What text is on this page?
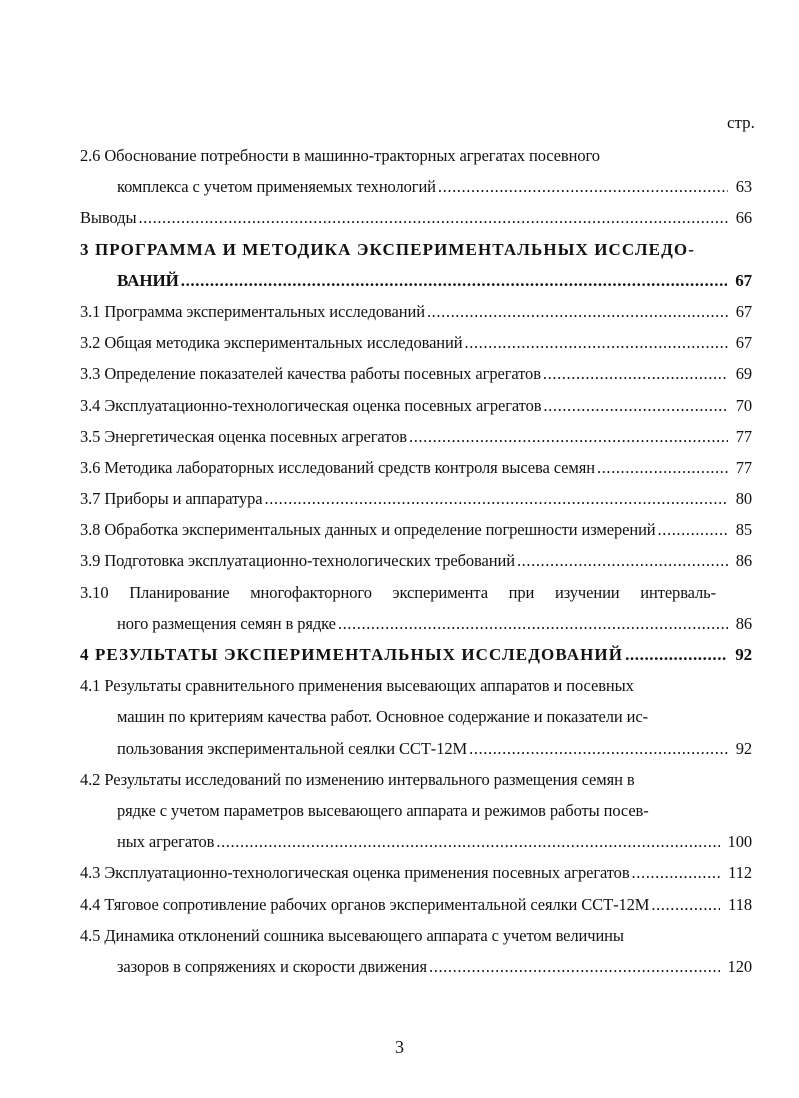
стр.
2.6 Обоснование потребности в машинно-тракторных агрегатах посевного
комплекса с учетом применяемых технологий .....	63
Выводы .....	66
3 ПРОГРАММА И МЕТОДИКА ЭКСПЕРИМЕНТАЛЬНЫХ ИССЛЕДО-
ВАНИЙ .....	67
3.1 Программа экспериментальных исследований .....	67
3.2 Общая методика экспериментальных исследований .....	67
3.3 Определение показателей качества работы посевных агрегатов .....	69
3.4 Эксплуатационно-технологическая оценка посевных агрегатов .....	70
3.5 Энергетическая оценка посевных агрегатов .....	77
3.6 Методика лабораторных исследований средств контроля высева семян .....	77
3.7 Приборы и аппаратура .....	80
3.8 Обработка экспериментальных данных и определение погрешности измерений .....	85
3.9 Подготовка эксплуатационно-технологических требований .....	86
3.10 Планирование многофакторного эксперимента при изучении интерваль-
ного размещения семян в рядке .....	86
4 РЕЗУЛЬТАТЫ ЭКСПЕРИМЕНТАЛЬНЫХ ИССЛЕДОВАНИЙ .....	92
4.1 Результаты сравнительного применения высевающих аппаратов и посевных
машин по критериям качества работ. Основное содержание и показатели ис-
пользования экспериментальной сеялки ССТ-12М .....	92
4.2 Результаты исследований по изменению интервального размещения семян в
рядке с учетом параметров высевающего аппарата и режимов работы посев-
ных агрегатов .....	100
4.3 Эксплуатационно-технологическая оценка применения посевных агрегатов .....	112
4.4 Тяговое сопротивление рабочих органов экспериментальной сеялки ССТ-12М .....	118
4.5 Динамика отклонений сошника высевающего аппарата с учетом величины
зазоров в сопряжениях и скорости движения .....	120
3
